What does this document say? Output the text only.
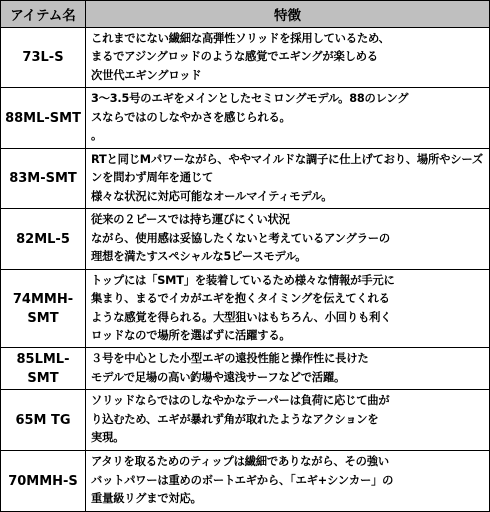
アイテム名	特徴
73L-S	これまでにない繊細な高弾性ソリッドを採用しているため、
まるでアジングロッドのような感覚でエギングが楽しめる
次世代エギングロッド
88ML-SMT	3〜3.5号のエギをメインとしたセミロングモデル。88のレング
スならではのしなやかさを感じられる。
。
83M-SMT	RTと同じMパワーながら、ややマイルドな調子に仕上げており、場所やシーズンを問わず周年を通じて
様々な状況に対応可能なオールマイティモデル。
82ML-5	従来の２ピースでは持ち運びにくい状況
ながら、使用感は妥協したくないと考えているアングラーの
理想を満たすスペシャルな5ピースモデル。
74MMH-
SMT	トップには「SMT」を装着しているため様々な情報が手元に
集まり、まるでイカがエギを抱くタイミングを伝えてくれる
ような感覚を得られる。大型狙いはもちろん、小回りも利く
ロッドなので場所を選ばずに活躍する。
85LML-
SMT	３号を中心とした小型エギの遠投性能と操作性に長けた
モデルで足場の高い釣場や遠浅サーフなどで活躍。
65M TG	ソリッドならではのしなやかなテーパーは負荷に応じて曲が
り込むため、エギが暴れず角が取れたようなアクションを
実現。
70MMH-S	アタリを取るためのティップは繊細でありながら、その強い
バットパワーは重めのボートエギから、「エギ+シンカー」の
重量級リグまで対応。
